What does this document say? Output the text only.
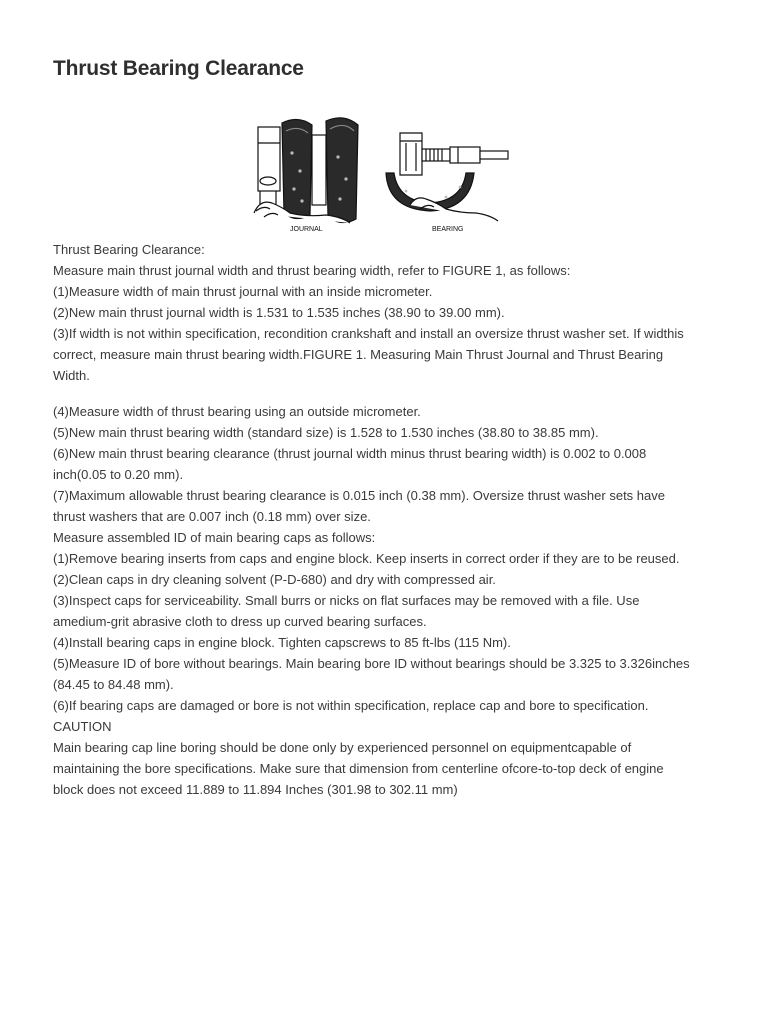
Thrust Bearing Clearance
JOURNAL	BEARING
Thrust Bearing Clearance:
Measure main thrust journal width and thrust bearing width, refer to FIGURE 1, as follows:
(1)Measure width of main thrust journal with an inside micrometer.
(2)New main thrust journal width is 1.531 to 1.535 inches (38.90 to 39.00 mm).
(3)If width is not within specification, recondition crankshaft and install an oversize thrust washer set. If widthis
correct, measure main thrust bearing width.FIGURE 1. Measuring Main Thrust Journal and Thrust Bearing
Width.
(4)Measure width of thrust bearing using an outside micrometer.
(5)New main thrust bearing width (standard size) is 1.528 to 1.530 inches (38.80 to 38.85 mm).
(6)New main thrust bearing clearance (thrust journal width minus thrust bearing width) is 0.002 to 0.008
inch(0.05 to 0.20 mm).
(7)Maximum allowable thrust bearing clearance is 0.015 inch (0.38 mm). Oversize thrust washer sets have
thrust washers that are 0.007 inch (0.18 mm) over size.
Measure assembled ID of main bearing caps as follows:
(1)Remove bearing inserts from caps and engine block. Keep inserts in correct order if they are to be reused.
(2)Clean caps in dry cleaning solvent (P-D-680) and dry with compressed air.
(3)Inspect caps for serviceability. Small burrs or nicks on flat surfaces may be removed with a file. Use
amedium-grit abrasive cloth to dress up curved bearing surfaces.
(4)Install bearing caps in engine block. Tighten capscrews to 85 ft-lbs (115 Nm).
(5)Measure ID of bore without bearings. Main bearing bore ID without bearings should be 3.325 to 3.326inches
(84.45 to 84.48 mm).
(6)If bearing caps are damaged or bore is not within specification, replace cap and bore to specification.
CAUTION
Main bearing cap line boring should be done only by experienced personnel on equipmentcapable of
maintaining the bore specifications. Make sure that dimension from centerline ofcore-to-top deck of engine
block does not exceed 11.889 to 11.894 Inches (301.98 to 302.11 mm)
